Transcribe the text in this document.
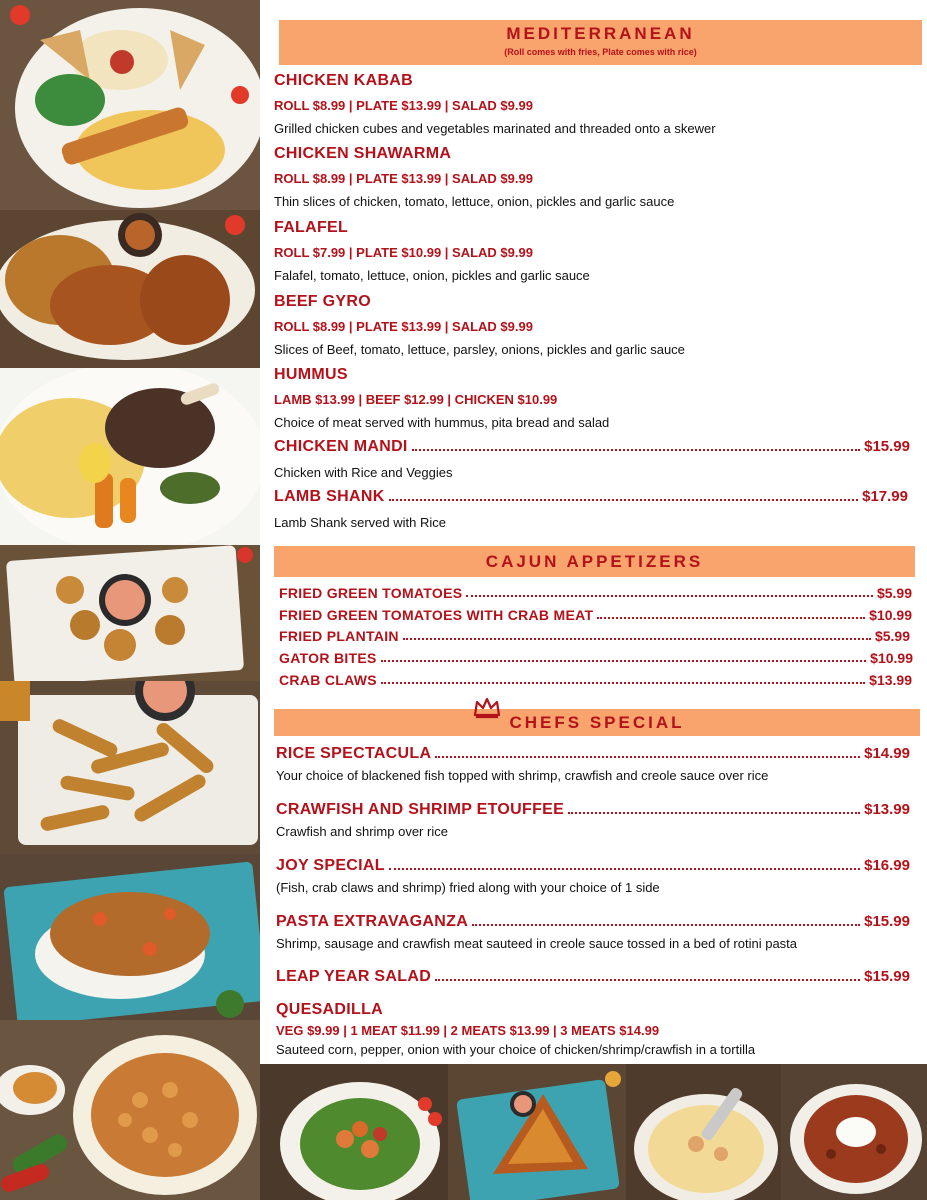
MEDITERRANEAN
(Roll comes with fries, Plate comes with rice)
CHICKEN KABAB
ROLL $8.99 | PLATE $13.99 | SALAD $9.99
Grilled chicken cubes and vegetables marinated and threaded onto a skewer
CHICKEN SHAWARMA
ROLL $8.99 | PLATE $13.99 | SALAD $9.99
Thin slices of chicken, tomato, lettuce, onion, pickles and garlic sauce
FALAFEL
ROLL $7.99 | PLATE $10.99 | SALAD $9.99
Falafel, tomato, lettuce, onion, pickles and garlic sauce
BEEF GYRO
ROLL $8.99 | PLATE $13.99 | SALAD $9.99
Slices of Beef, tomato, lettuce, parsley, onions, pickles and garlic sauce
HUMMUS
LAMB $13.99 | BEEF $12.99 | CHICKEN $10.99
Choice of meat served with hummus, pita bread and salad
CHICKEN MANDI	$15.99
Chicken with Rice and Veggies
LAMB SHANK	$17.99
Lamb Shank served with Rice
CAJUN APPETIZERS
FRIED GREEN TOMATOES	$5.99
FRIED GREEN TOMATOES WITH CRAB MEAT	$10.99
FRIED PLANTAIN	$5.99
GATOR BITES	$10.99
CRAB CLAWS	$13.99
CHEFS SPECIAL
RICE SPECTACULA	$14.99
Your choice of blackened fish topped with shrimp, crawfish and creole sauce over rice
CRAWFISH AND SHRIMP ETOUFFEE	$13.99
Crawfish and shrimp over rice
JOY SPECIAL	$16.99
(Fish, crab claws and shrimp) fried along with your choice of 1 side
PASTA EXTRAVAGANZA	$15.99
Shrimp, sausage and crawfish meat sauteed in creole sauce tossed in a bed of rotini pasta
LEAP YEAR SALAD	$15.99
QUESADILLA
VEG $9.99 | 1 MEAT $11.99 | 2 MEATS $13.99 | 3 MEATS $14.99
Sauteed corn, pepper, onion with your choice of chicken/shrimp/crawfish in a tortilla
